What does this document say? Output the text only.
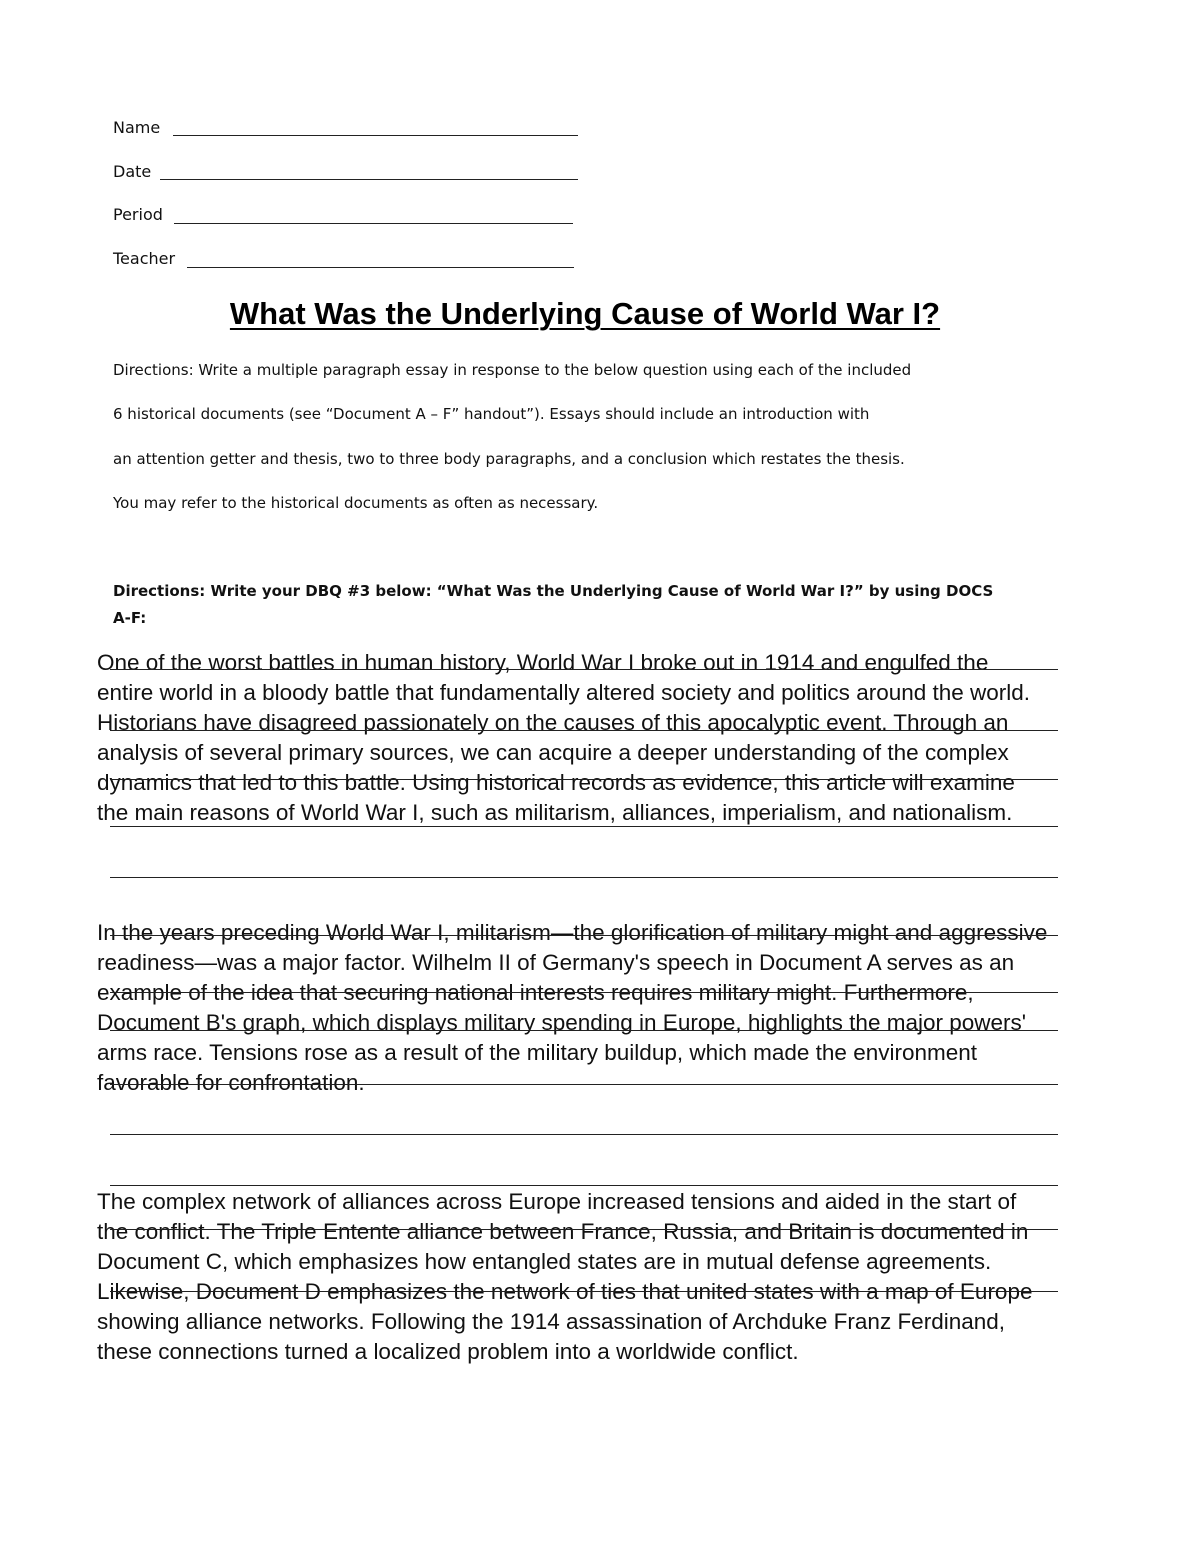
Name
Date
Period
Teacher
What Was the Underlying Cause of World War I?
Directions: Write a multiple paragraph essay in response to the below question using each of the included
6 historical documents (see “Document A – F” handout”). Essays should include an introduction with
an attention getter and thesis, two to three body paragraphs, and a conclusion which restates the thesis.
You may refer to the historical documents as often as necessary.
Directions: Write your DBQ #3 below: “What Was the Underlying Cause of World War I?” by using DOCS
A-F:
One of the worst battles in human history, World War I broke out in 1914 and engulfed the
entire world in a bloody battle that fundamentally altered society and politics around the world.
Historians have disagreed passionately on the causes of this apocalyptic event. Through an
analysis of several primary sources, we can acquire a deeper understanding of the complex
dynamics that led to this battle. Using historical records as evidence, this article will examine
the main reasons of World War I, such as militarism, alliances, imperialism, and nationalism.
In the years preceding World War I, militarism—the glorification of military might and aggressive
readiness—was a major factor. Wilhelm II of Germany's speech in Document A serves as an
example of the idea that securing national interests requires military might. Furthermore,
Document B's graph, which displays military spending in Europe, highlights the major powers'
arms race. Tensions rose as a result of the military buildup, which made the environment
favorable for confrontation.
The complex network of alliances across Europe increased tensions and aided in the start of
the conflict. The Triple Entente alliance between France, Russia, and Britain is documented in
Document C, which emphasizes how entangled states are in mutual defense agreements.
Likewise, Document D emphasizes the network of ties that united states with a map of Europe
showing alliance networks. Following the 1914 assassination of Archduke Franz Ferdinand,
these connections turned a localized problem into a worldwide conflict.
